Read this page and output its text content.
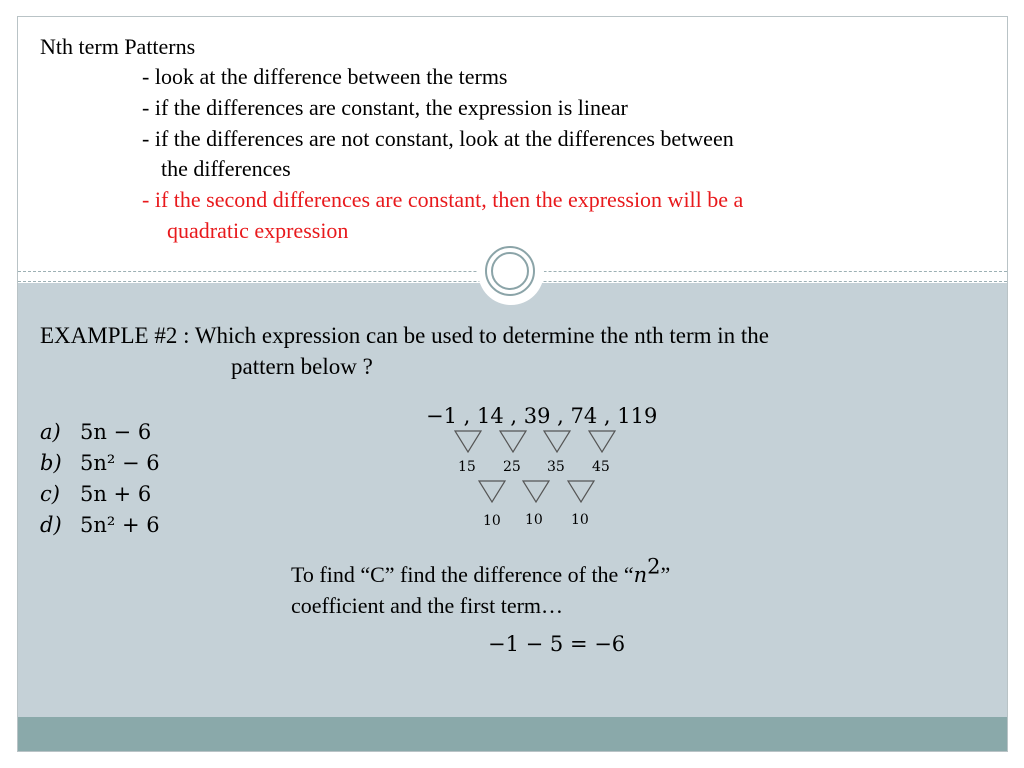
Nth term Patterns
- look at the difference between the terms
- if the differences are constant, the expression is linear
- if the differences are not constant, look at the differences between
the differences
- if the second differences are constant, then the expression will be a
quadratic expression
EXAMPLE #2 : Which expression can be used to determine the nth term in the
pattern below ?
a) 5n − 6
b) 5n² − 6
c) 5n + 6
d) 5n² + 6
−1 , 14 , 39 , 74 , 119
15 25 35 45
10 10 10
To find “C” find the difference of the “$n^2$”
coefficient and the first term…
−1 − 5 = −6
